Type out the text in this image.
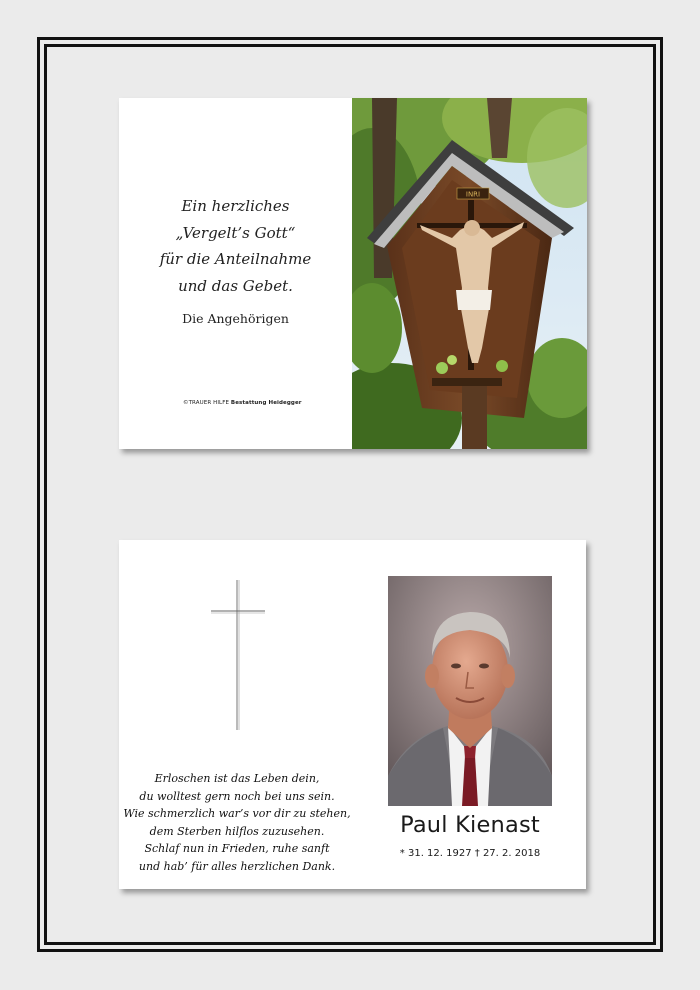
Ein herzliches
„Vergelt’s Gott“
für die Anteilnahme
und das Gebet.
Die Angehörigen
©TRAUER HILFE Bestattung Heidegger
INRI
Erloschen ist das Leben dein,
du wolltest gern noch bei uns sein.
Wie schmerzlich war’s vor dir zu stehen,
dem Sterben hilflos zuzusehen.
Schlaf nun in Frieden, ruhe sanft
und hab’ für alles herzlichen Dank.
Paul Kienast
* 31. 12. 1927 † 27. 2. 2018
